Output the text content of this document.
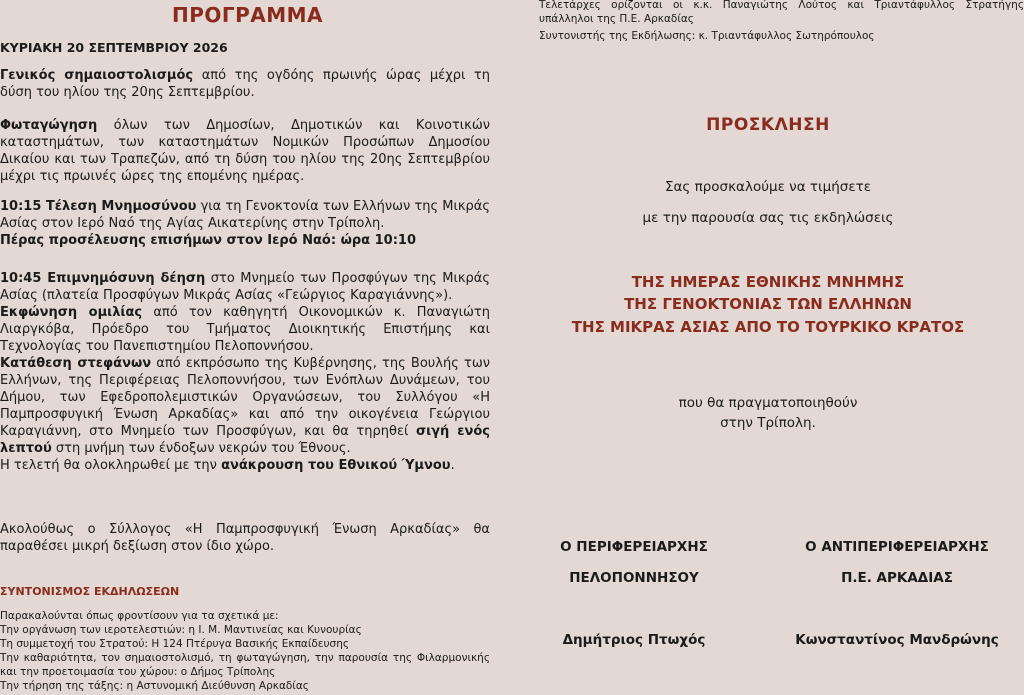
ΠΡΟΓΡΑΜΜΑ
ΚΥΡΙΑΚΗ 20 ΣΕΠΤΕΜΒΡΙΟΥ 2026
Γενικός σημαιοστολισμός από της ογδόης πρωινής ώρας μέχρι τη δύση του ηλίου της 20ης Σεπτεμβρίου.
Φωταγώγηση όλων των Δημοσίων, Δημοτικών και Κοινοτικών καταστημάτων, των καταστημάτων Νομικών Προσώπων Δημοσίου Δικαίου και των Τραπεζών, από τη δύση του ηλίου της 20ης Σεπτεμβρίου μέχρι τις πρωινές ώρες της επομένης ημέρας.
10:15 Τέλεση Μνημοσύνου για τη Γενοκτονία των Ελλήνων της Μικράς Ασίας στον Ιερό Ναό της Αγίας Αικατερίνης στην Τρίπολη.
Πέρας προσέλευσης επισήμων στον Ιερό Ναό: ώρα 10:10
10:45 Επιμνημόσυνη δέηση στο Μνημείο των Προσφύγων της Μικράς Ασίας (πλατεία Προσφύγων Μικράς Ασίας «Γεώργιος Καραγιάννης»).
Εκφώνηση ομιλίας από τον καθηγητή Οικονομικών κ. Παναγιώτη Λιαργκόβα, Πρόεδρο του Τμήματος Διοικητικής Επιστήμης και Τεχνολογίας του Πανεπιστημίου Πελοποννήσου.
Κατάθεση στεφάνων από εκπρόσωπο της Κυβέρνησης, της Βουλής των Ελλήνων, της Περιφέρειας Πελοποννήσου, των Ενόπλων Δυνάμεων, του Δήμου, των Εφεδροπολεμιστικών Οργανώσεων, του Συλλόγου «Η Παμπροσφυγική Ένωση Αρκαδίας» και από την οικογένεια Γεώργιου Καραγιάννη, στο Μνημείο των Προσφύγων, και θα τηρηθεί σιγή ενός λεπτού στη μνήμη των ένδοξων νεκρών του Έθνους.
Η τελετή θα ολοκληρωθεί με την ανάκρουση του Εθνικού Ύμνου.
Ακολούθως ο Σύλλογος «Η Παμπροσφυγική Ένωση Αρκαδίας» θα παραθέσει μικρή δεξίωση στον ίδιο χώρο.
ΣΥΝΤΟΝΙΣΜΟΣ ΕΚΔΗΛΩΣΕΩΝ
Παρακαλούνται όπως φροντίσουν για τα σχετικά με:
Την οργάνωση των ιεροτελεστιών: η Ι. Μ. Μαντινείας και Κυνουρίας
Τη συμμετοχή του Στρατού: Η 124 Πτέρυγα Βασικής Εκπαίδευσης
Την καθαριότητα, τον σημαιοστολισμό, τη φωταγώγηση, την παρουσία της Φιλαρμονικής και την προετοιμασία του χώρου: ο Δήμος Τρίπολης
Την τήρηση της τάξης: η Αστυνομική Διεύθυνση Αρκαδίας
Τελετάρχες ορίζονται οι κ.κ. Παναγιώτης Λούτος και Τριαντάφυλλος Στρατήγης υπάλληλοι της Π.Ε. Αρκαδίας
Συντονιστής της Εκδήλωσης: κ. Τριαντάφυλλος Σωτηρόπουλος
ΠΡΟΣΚΛΗΣΗ
Σας προσκαλούμε να τιμήσετε
με την παρουσία σας τις εκδηλώσεις
ΤΗΣ ΗΜΕΡΑΣ ΕΘΝΙΚΗΣ ΜΝΗΜΗΣ
ΤΗΣ ΓΕΝΟΚΤΟΝΙΑΣ ΤΩΝ ΕΛΛΗΝΩΝ
ΤΗΣ ΜΙΚΡΑΣ ΑΣΙΑΣ ΑΠΟ ΤΟ ΤΟΥΡΚΙΚΟ ΚΡΑΤΟΣ
που θα πραγματοποιηθούν
στην Τρίπολη.
Ο ΠΕΡΙΦΕΡΕΙΑΡΧΗΣ
ΠΕΛΟΠΟΝΝΗΣΟΥ
Δημήτριος Πτωχός
Ο ΑΝΤΙΠΕΡΙΦΕΡΕΙΑΡΧΗΣ
Π.Ε. ΑΡΚΑΔΙΑΣ
Κωνσταντίνος Μανδρώνης
